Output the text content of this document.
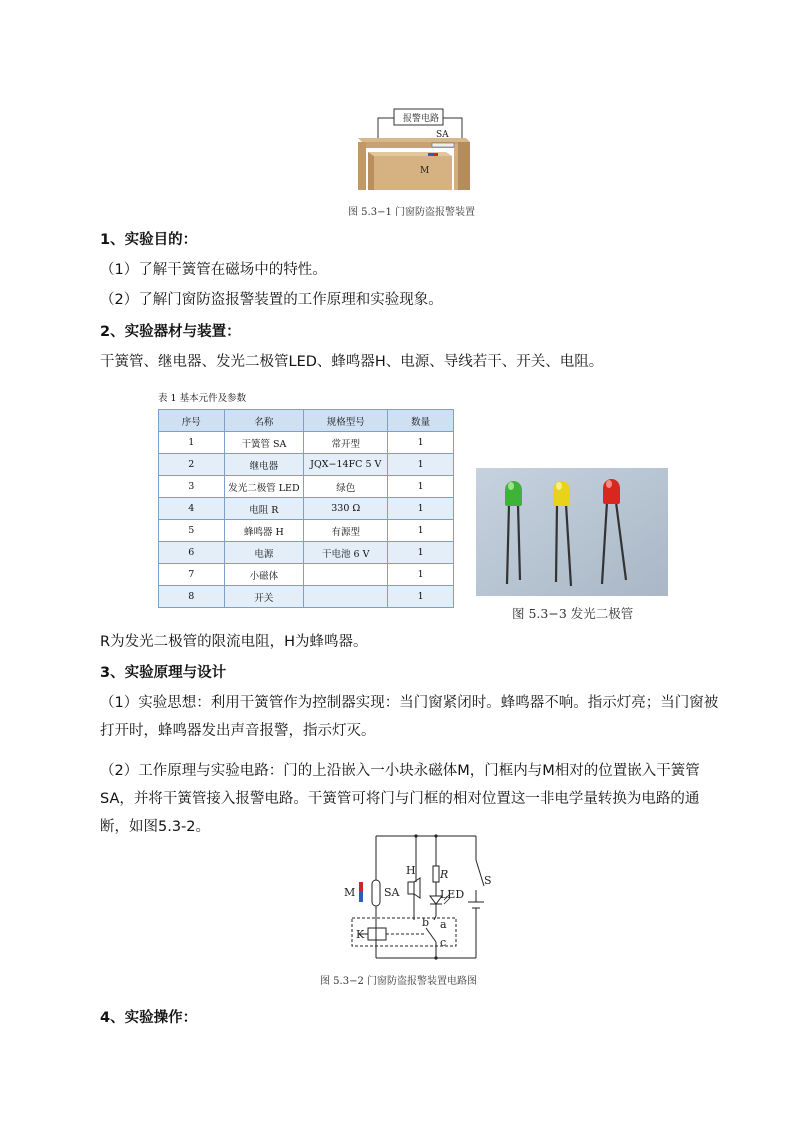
报警电路
SA
M
图 5.3−1 门窗防盗报警装置
1、实验目的：
（1）了解干簧管在磁场中的特性。
（2）了解门窗防盗报警装置的工作原理和实验现象。
2、实验器材与装置：
干簧管、继电器、发光二极管LED、蜂鸣器H、电源、导线若干、开关、电阻。
表 1 基本元件及参数
序号	名称	规格型号	数量
1	干簧管 SA	常开型	1
2	继电器	JQX−14FC 5 V	1
3	发光二极管 LED	绿色	1
4	电阻 R	330 Ω	1
5	蜂鸣器 H	有源型	1
6	电源	干电池 6 V	1
7	小磁体		1
8	开关		1
图 5.3−3 发光二极管
R为发光二极管的限流电阻，H为蜂鸣器。
3、实验原理与设计
（1）实验思想：利用干簧管作为控制器实现：当门窗紧闭时。蜂鸣器不响。指示灯亮；当门窗被打开时，蜂鸣器发出声音报警，指示灯灭。
（2）工作原理与实验电路：门的上沿嵌入一小块永磁体M，门框内与M相对的位置嵌入干簧管SA，并将干簧管接入报警电路。干簧管可将门与门框的相对位置这一非电学量转换为电路的通断，如图5.3-2。
M	SA
H R
LED
S
K
a
b
c
图 5.3−2 门窗防盗报警装置电路图
4、实验操作：
